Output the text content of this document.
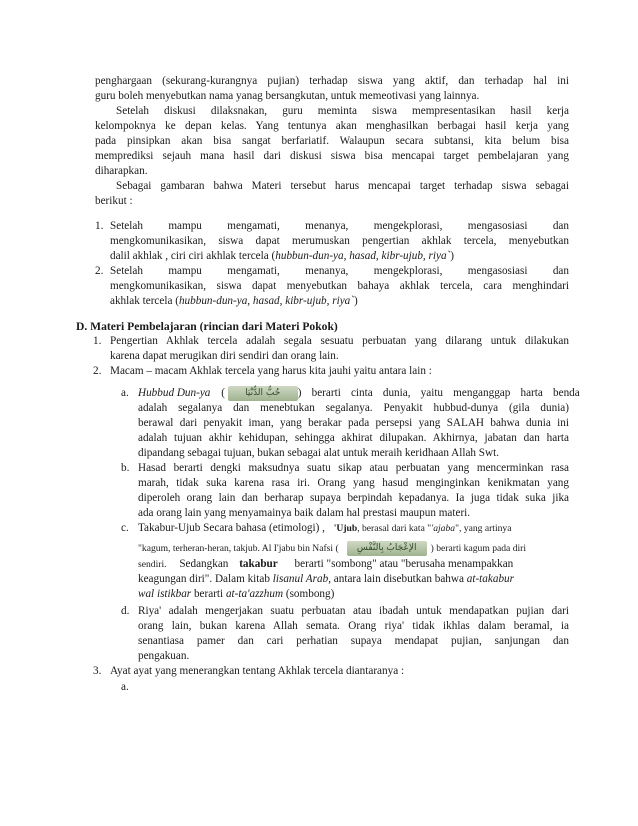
penghargaan (sekurang-kurangnya pujian) terhadap siswa yang aktif, dan terhadap hal ini
guru boleh menyebutkan nama yanag bersangkutan, untuk memeotivasi yang lainnya.
Setelah diskusi dilaksnakan, guru meminta siswa mempresentasikan hasil kerja
kelompoknya ke depan kelas. Yang tentunya akan menghasilkan berbagai hasil kerja yang
pada pinsipkan akan bisa sangat berfariatif. Walaupun secara subtansi, kita belum bisa
memprediksi sejauh mana hasil dari diskusi siswa bisa mencapai target pembelajaran yang
diharapkan.
Sebagai gambaran bahwa Materi tersebut harus mencapai target terhadap siswa sebagai
berikut :
1. Setelah mampu mengamati, menanya, mengekplorasi, mengasosiasi dan
mengkomunikasikan, siswa dapat merumuskan pengertian akhlak tercela, menyebutkan
dalil akhlak , ciri ciri akhlak tercela (hubbun-dun-ya, hasad, kibr-ujub, riya`)
2. Setelah mampu mengamati, menanya, mengekplorasi, mengasosiasi dan
mengkomunikasikan, siswa dapat menyebutkan bahaya akhlak tercela, cara menghindari
akhlak tercela (hubbun-dun-ya, hasad, kibr-ujub, riya`)
D. Materi Pembelajaran (rincian dari Materi Pokok)
1. Pengertian Akhlak tercela adalah segala sesuatu perbuatan yang dilarang untuk dilakukan
karena dapat merugikan diri sendiri dan orang lain.
2. Macam – macam Akhlak tercela yang harus kita jauhi yaitu antara lain :
a. Hubbud Dun-ya ( حُبُّ الدُّنْيَا ) berarti cinta dunia, yaitu menganggap harta benda
adalah segalanya dan menebtukan segalanya. Penyakit hubbud-dunya (gila dunia)
berawal dari penyakit iman, yang berakar pada persepsi yang SALAH bahwa dunia ini
adalah tujuan akhir kehidupan, sehingga akhirat dilupakan. Akhirnya, jabatan dan harta
dipandang sebagai tujuan, bukan sebagai alat untuk meraih keridhaan Allah Swt.
b. Hasad berarti dengki maksudnya suatu sikap atau perbuatan yang mencerminkan rasa
marah, tidak suka karena rasa iri. Orang yang hasud menginginkan kenikmatan yang
diperoleh orang lain dan berharap supaya berpindah kepadanya. Ia juga tidak suka jika
ada orang lain yang menyamainya baik dalam hal prestasi maupun materi.
c. Takabur-Ujub Secara bahasa (etimologi) , 'Ujub, berasal dari kata "'ajaba", yang artinya
"kagum, terheran-heran, takjub. Al I'jabu bin Nafsi ( الإعْجَابُ بِالنَّفْسِ ) berarti kagum pada diri
sendiri. Sedangkan takabur berarti "sombong" atau "berusaha menampakkan
keagungan diri". Dalam kitab lisanul Arab, antara lain disebutkan bahwa at-takabur
wal istikbar berarti at-ta'azzhum (sombong)
d. Riya' adalah mengerjakan suatu perbuatan atau ibadah untuk mendapatkan pujian dari
orang lain, bukan karena Allah semata. Orang riya' tidak ikhlas dalam beramal, ia
senantiasa pamer dan cari perhatian supaya mendapat pujian, sanjungan dan
pengakuan.
3. Ayat ayat yang menerangkan tentang Akhlak tercela diantaranya :
a.
